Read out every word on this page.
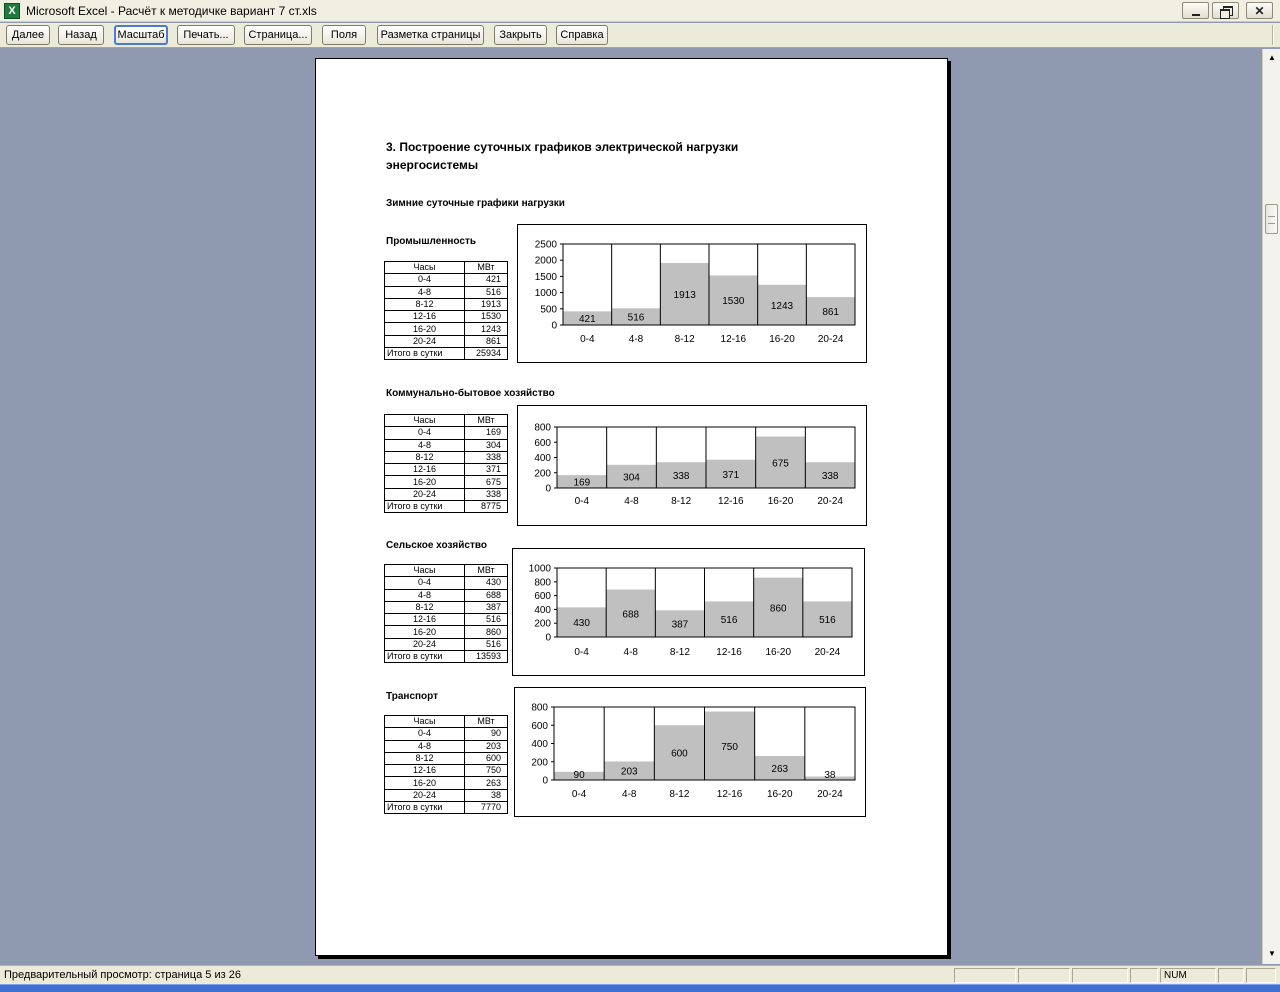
X Microsoft Excel - Расчёт к методичке вариант 7 ст.xls	✕
Далее	Назад	Масштаб	Печать...	Страница...	Поля	Разметка страницы	Закрыть	Справка
▲
▼
3. Построение суточных графиков электрической нагрузки энергосистемы
Зимние суточные графики нагрузки
Промышленность
Часы	МВт
0-4	421
4-8	516
8-12	1913
12-16	1530
16-20	1243
20-24	861
Итого в сутки	25934
0
500
1000
1500
2000
2500
421
0-4
516
4-8
1913
8-12
1530
12-16
1243
16-20
861
20-24
Коммунально-бытовое хозяйство
Часы	МВт
0-4	169
4-8	304
8-12	338
12-16	371
16-20	675
20-24	338
Итого в сутки	8775
0
200
400
600
800
169
0-4
304
4-8
338
8-12
371
12-16
675
16-20
338
20-24
Сельское хозяйство
Часы	МВт
0-4	430
4-8	688
8-12	387
12-16	516
16-20	860
20-24	516
Итого в сутки	13593
0
200
400
600
800
1000
430
0-4
688
4-8
387
8-12
516
12-16
860
16-20
516
20-24
Транспорт
Часы	МВт
0-4	90
4-8	203
8-12	600
12-16	750
16-20	263
20-24	38
Итого в сутки	7770
0
200
400
600
800
90
0-4
203
4-8
600
8-12
750
12-16
263
16-20
38
20-24
Предварительный просмотр: страница 5 из 26	NUM
